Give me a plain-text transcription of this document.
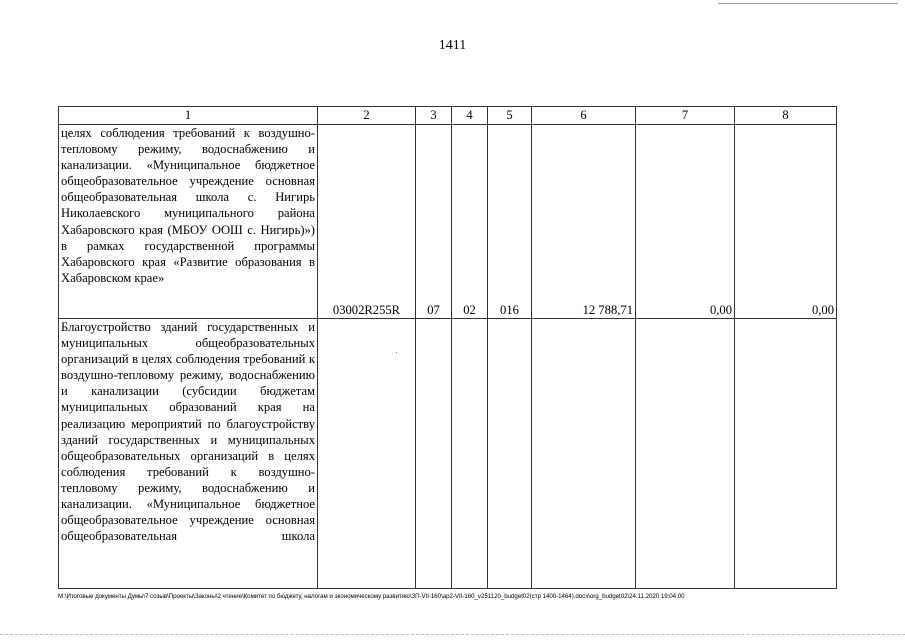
1411
1	2	3	4	5	6	7	8
целях соблюдения требований к воздушно-тепловому режиму, водоснабжению и канализации. «Муниципальное бюджетное общеобразовательное учреждение основная общеобразовательная школа с. Нигирь Николаевского муниципального района Хабаровского края (МБОУ ООШ с. Нигирь)») в рамках государственной программы Хабаровского края «Развитие образования в Хабаровском крае»	03002R255R	07	02	016	12 788,71	0,00	0,00
Благоустройство зданий государственных и муниципальных общеобразовательных организаций в целях соблюдения требований к воздушно-тепловому режиму, водоснабжению и канализации (субсидии бюджетам муниципальных образований края на реализацию мероприятий по благоустройству зданий государственных и муниципальных общеобразовательных организаций в целях соблюдения требований к воздушно-тепловому режиму, водоснабжению и канализации. «Муниципальное бюджетное общеобразовательное учреждение основная общеобразовательная школа							
М:\Итоговые документы Думы\7 созыв\Проекты\Законы\2 чтение\Комитет по бюджету, налогам и экономическому развитию\ЗП-VII-160\ар2-VII-160_v251120_budget02(стр 1400-1464).docx\org_budget02\24.11.2020 19:04:00
